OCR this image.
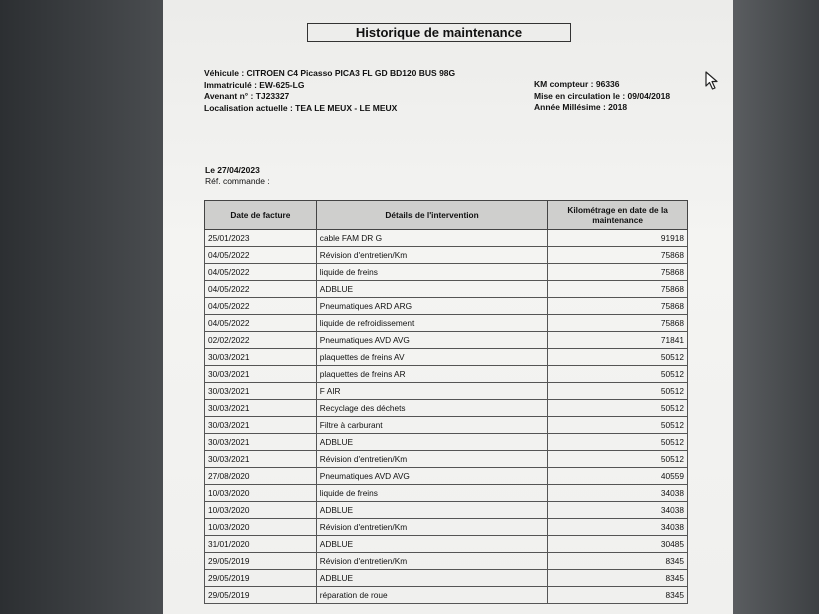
Historique de maintenance
Véhicule : CITROEN C4 Picasso PICA3 FL GD BD120 BUS 98G
Immatriculé : EW-625-LG
Avenant n° : TJ23327
Localisation actuelle : TEA LE MEUX - LE MEUX
KM compteur : 96336
Mise en circulation le : 09/04/2018
Année Millésime : 2018
Le 27/04/2023
Réf. commande :
Date de facture	Détails de l'intervention	Kilométrage en date de la maintenance
25/01/2023	cable FAM DR G	91918
04/05/2022	Révision d'entretien/Km	75868
04/05/2022	liquide de freins	75868
04/05/2022	ADBLUE	75868
04/05/2022	Pneumatiques ARD ARG	75868
04/05/2022	liquide de refroidissement	75868
02/02/2022	Pneumatiques AVD AVG	71841
30/03/2021	plaquettes de freins AV	50512
30/03/2021	plaquettes de freins AR	50512
30/03/2021	F AIR	50512
30/03/2021	Recyclage des déchets	50512
30/03/2021	Filtre à carburant	50512
30/03/2021	ADBLUE	50512
30/03/2021	Révision d'entretien/Km	50512
27/08/2020	Pneumatiques AVD AVG	40559
10/03/2020	liquide de freins	34038
10/03/2020	ADBLUE	34038
10/03/2020	Révision d'entretien/Km	34038
31/01/2020	ADBLUE	30485
29/05/2019	Révision d'entretien/Km	8345
29/05/2019	ADBLUE	8345
29/05/2019	réparation de roue	8345
